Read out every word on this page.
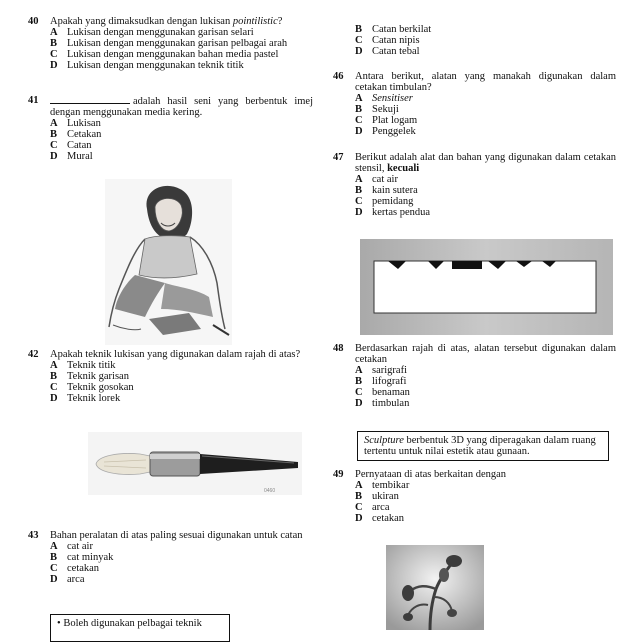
40	Apakah yang dimaksudkan dengan lukisan pointilistic?
A Lukisan dengan menggunakan garisan selari
B Lukisan dengan menggunakan garisan pelbagai arah
C Lukisan dengan menggunakan bahan media pastel
D Lukisan dengan menggunakan teknik titik
41	adalah hasil seni yang berbentuk imej dengan menggunakan media kering.
A Lukisan
B Cetakan
C Catan
D Mural
42	Apakah teknik lukisan yang digunakan dalam rajah di atas?
A Teknik titik
B Teknik garisan
C Teknik gosokan
D Teknik lorek
0460
43	Bahan peralatan di atas paling sesuai digunakan untuk catan
A cat air
B cat minyak
C cetakan
D arca
• Boleh digunakan pelbagai teknik
B Catan berkilat
C Catan nipis
D Catan tebal
46	Antara berikut, alatan yang manakah digunakan dalam cetakan timbulan?
A Sensitiser
B Sekuji
C Plat logam
D Penggelek
47	Berikut adalah alat dan bahan yang digunakan dalam cetakan stensil, kecuali
A cat air
B kain sutera
C pemidang
D kertas pendua
48	Berdasarkan rajah di atas, alatan tersebut digunakan dalam cetakan
A sarigrafi
B lifografi
C benaman
D timbulan
Sculpture berbentuk 3D yang diperagakan dalam ruang tertentu untuk nilai estetik atau gunaan.
49	Pernyataan di atas berkaitan dengan
A tembikar
B ukiran
C arca
D cetakan
